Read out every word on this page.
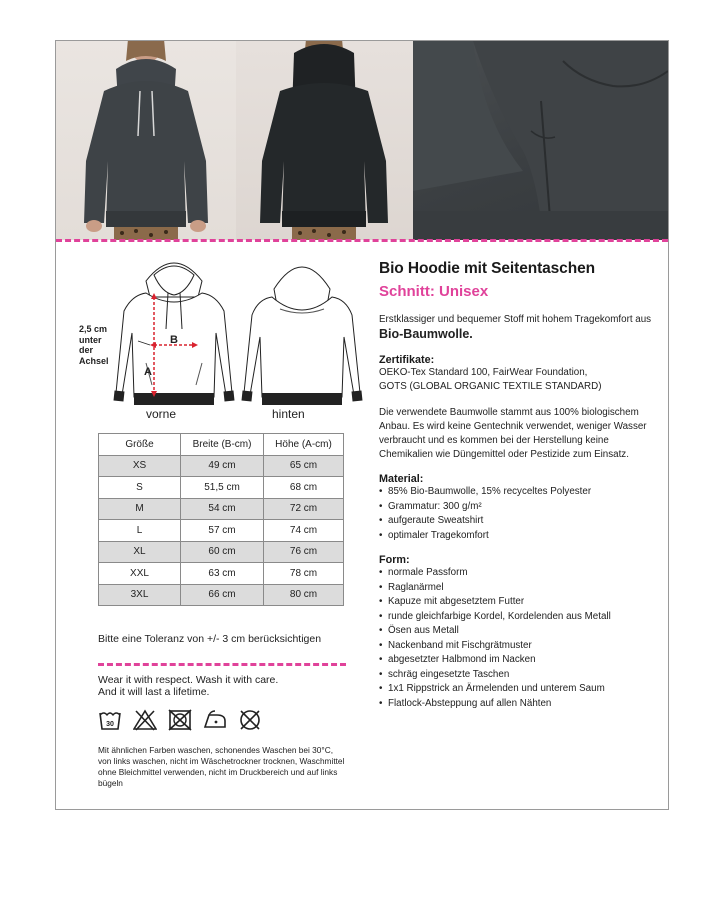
B
A
2,5 cm
unter
der
Achsel
vorne	hinten
Größe	Breite (B-cm)	Höhe (A-cm)
XS	49 cm	65 cm
S	51,5 cm	68 cm
M	54 cm	72 cm
L	57 cm	74 cm
XL	60 cm	76 cm
XXL	63 cm	78 cm
3XL	66 cm	80 cm
Bitte eine Toleranz von +/- 3 cm berücksichtigen
Wear it with respect. Wash it with care.
And it will last a lifetime.
30
Mit ähnlichen Farben waschen, schonendes Waschen bei 30°C, von links waschen, nicht im Wäschetrockner trocknen, Waschmittel ohne Bleichmittel verwenden, nicht im Druckbereich und auf links bügeln
Bio Hoodie mit Seitentaschen
Schnitt: Unisex
Erstklassiger und bequemer Stoff mit hohem Tragekomfort aus Bio-Baumwolle.
Zertifikate:
OEKO-Tex Standard 100, FairWear Foundation,
GOTS (GLOBAL ORGANIC TEXTILE STANDARD)
Die verwendete Baumwolle stammt aus 100% biologischem Anbau. Es wird keine Gentechnik verwendet, weniger Wasser verbraucht und es kommen bei der Herstellung keine Chemikalien wie Düngemittel oder Pestizide zum Einsatz.
Material:
• 85% Bio-Baumwolle, 15% recyceltes Polyester
• Grammatur: 300 g/m²
• aufgeraute Sweatshirt
• optimaler Tragekomfort
Form:
• normale Passform
• Raglanärmel
• Kapuze mit abgesetztem Futter
• runde gleichfarbige Kordel, Kordelenden aus Metall
• Ösen aus Metall
• Nackenband mit Fischgrätmuster
• abgesetzter Halbmond im Nacken
• schräg eingesetzte Taschen
• 1x1 Rippstrick an Ärmelenden und unterem Saum
• Flatlock-Absteppung auf allen Nähten
